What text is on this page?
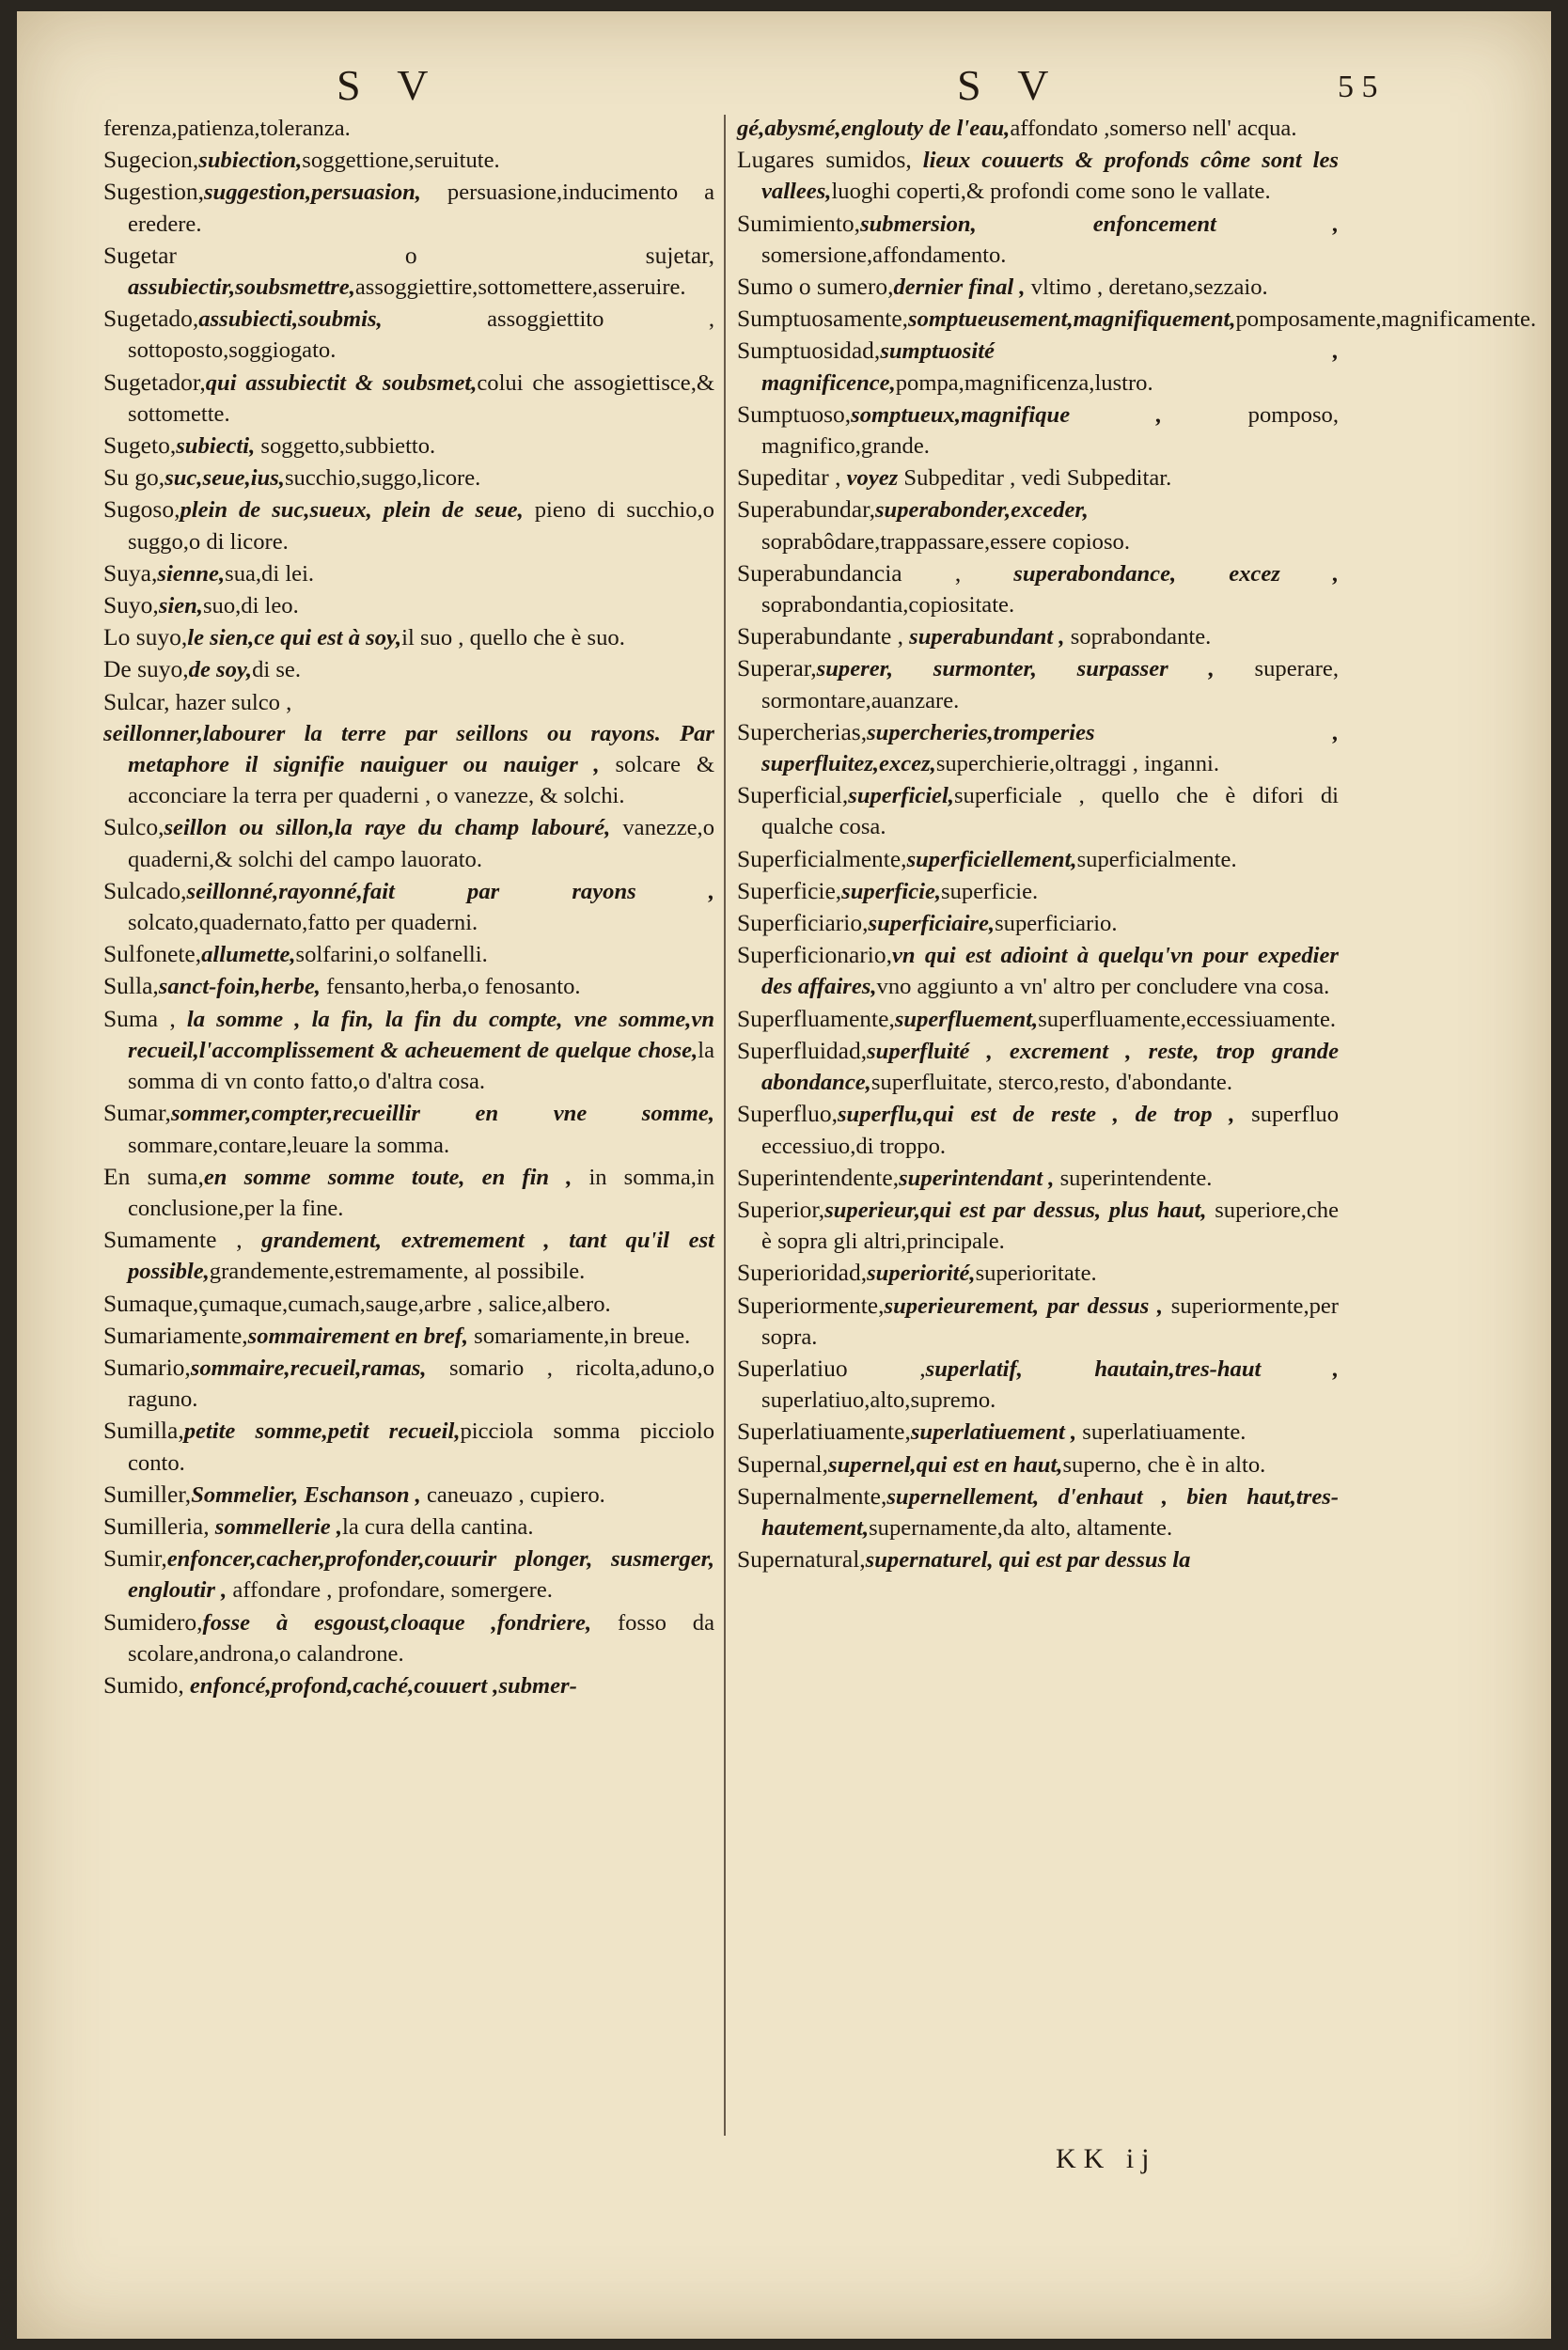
S V	S V	5 5

ferenza,patienza,toleranza.

Sugecion,subiection,soggettione,seruitute.

Sugestion,suggestion,persuasion, persuasione,inducimento a eredere.

Sugetar o sujetar, assubiectir,soubsmettre,assoggiettire,sottomettere,asseruire.

Sugetado,assubiecti,soubmis, assoggiettito , sottoposto,soggiogato.

Sugetador,qui assubiectit & soubsmet,colui che assogiettisce,& sottomette.

Sugeto,subiecti, soggetto,subbietto.

Su go,suc,seue,ius,succhio,suggo,licore.

Sugoso,plein de suc,sueux, plein de seue, pieno di succhio,o suggo,o di licore.

Suya,sienne,sua,di lei.

Suyo,sien,suo,di leo.

Lo suyo,le sien,ce qui est à soy,il suo , quello che è suo.

De suyo,de soy,di se.

Sulcar, hazer sulco ,

seillonner,labourer la terre par seillons ou rayons. Par metaphore il signifie nauiguer ou nauiger , solcare & acconciare la terra per quaderni , o vanezze, & solchi.

Sulco,seillon ou sillon,la raye du champ labouré, vanezze,o quaderni,& solchi del campo lauorato.

Sulcado,seillonné,rayonné,fait par rayons , solcato,quadernato,fatto per quaderni.

Sulfonete,allumette,solfarini,o solfanelli.

Sulla,sanct-foin,herbe, fensanto,herba,o fenosanto.

Suma , la somme , la fin, la fin du compte, vne somme,vn recueil,l'accomplissement & acheuement de quelque chose,la somma di vn conto fatto,o d'altra cosa.

Sumar,sommer,compter,recueillir en vne somme, sommare,contare,leuare la somma.

En suma,en somme somme toute, en fin , in somma,in conclusione,per la fine.

Sumamente , grandement, extremement , tant qu'il est possible,grandemente,estremamente, al possibile.

Sumaque,çumaque,cumach,sauge,arbre , salice,albero.

Sumariamente,sommairement en bref, somariamente,in breue.

Sumario,sommaire,recueil,ramas, somario , ricolta,aduno,o raguno.

Sumilla,petite somme,petit recueil,picciola somma picciolo conto.

Sumiller,Sommelier, Eschanson , caneuazo , cupiero.

Sumilleria, sommellerie ,la cura della cantina.

Sumir,enfoncer,cacher,profonder,couurir plonger, susmerger, engloutir , affondare , profondare, somergere.

Sumidero,fosse à esgoust,cloaque ,fondriere, fosso da scolare,androna,o calandrone.

Sumido, enfoncé,profond,caché,couuert ,submer-

gé,abysmé,englouty de l'eau,affondato ,somerso nell' acqua.

Lugares sumidos, lieux couuerts & profonds côme sont les vallees,luoghi coperti,& profondi come sono le vallate.

Sumimiento,submersion, enfoncement , somersione,affondamento.

Sumo o sumero,dernier final , vltimo , deretano,sezzaio.

Sumptuosamente,somptueusement,magnifiquement,pomposamente,magnificamente.

Sumptuosidad,sumptuosité , magnificence,pompa,magnificenza,lustro.

Sumptuoso,somptueux,magnifique , pomposo, magnifico,grande.

Supeditar , voyez Subpeditar , vedi Subpeditar.

Superabundar,superabonder,exceder, soprabôdare,trappassare,essere copioso.

Superabundancia , superabondance, excez , soprabondantia,copiositate.

Superabundante , superabundant , soprabondante.

Superar,superer, surmonter, surpasser , superare, sormontare,auanzare.

Supercherias,supercheries,tromperies , superfluitez,excez,superchierie,oltraggi , inganni.

Superficial,superficiel,superficiale , quello che è difori di qualche cosa.

Superficialmente,superficiellement,superficialmente.

Superficie,superficie,superficie.

Superficiario,superficiaire,superficiario.

Superficionario,vn qui est adioint à quelqu'vn pour expedier des affaires,vno aggiunto a vn' altro per concludere vna cosa.

Superfluamente,superfluement,superfluamente,eccessiuamente.

Superfluidad,superfluité , excrement , reste, trop grande abondance,superfluitate, sterco,resto, d'abondante.

Superfluo,superflu,qui est de reste , de trop , superfluo eccessiuo,di troppo.

Superintendente,superintendant , superintendente.

Superior,superieur,qui est par dessus, plus haut, superiore,che è sopra gli altri,principale.

Superioridad,superiorité,superioritate.

Superiormente,superieurement, par dessus , superiormente,per sopra.

Superlatiuo ,superlatif, hautain,tres-haut , superlatiuo,alto,supremo.

Superlatiuamente,superlatiuement , superlatiuamente.

Supernal,supernel,qui est en haut,superno, che è in alto.

Supernalmente,supernellement, d'enhaut , bien haut,tres-hautement,supernamente,da alto, altamente.

Supernatural,supernaturel, qui est par dessus la

KK ij
